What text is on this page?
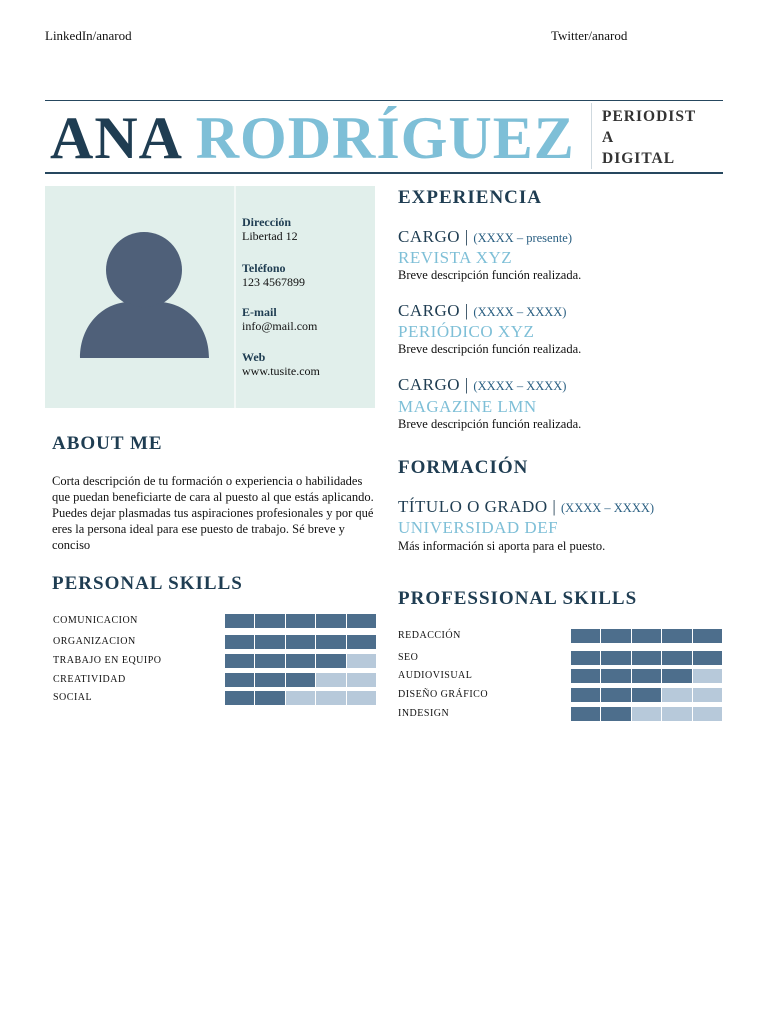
LinkedIn/anarod	Twitter/anarod
ANA RODRÍGUEZ PERIODIST
A
DIGITAL
Dirección
Libertad 12
Teléfono
123 4567899
E-mail
info@mail.com
Web
www.tusite.com
ABOUT ME
Corta descripción de tu formación o experiencia o habilidades que puedan beneficiarte de cara al puesto al que estás aplicando. Puedes dejar plasmadas tus aspiraciones profesionales y por qué eres la persona ideal para ese puesto de trabajo. Sé breve y conciso
PERSONAL SKILLS
COMUNICACION
ORGANIZACION
TRABAJO EN EQUIPO
CREATIVIDAD
SOCIAL
EXPERIENCIA
CARGO | (XXXX – presente)
REVISTA XYZ
Breve descripción función realizada.
CARGO | (XXXX – XXXX)
PERIÓDICO XYZ
Breve descripción función realizada.
CARGO | (XXXX – XXXX)
MAGAZINE LMN
Breve descripción función realizada.
FORMACIÓN
TÍTULO O GRADO | (XXXX – XXXX)
UNIVERSIDAD DEF
Más información si aporta para el puesto.
PROFESSIONAL SKILLS
REDACCIÓN
SEO
AUDIOVISUAL
DISEÑO GRÁFICO
INDESIGN
